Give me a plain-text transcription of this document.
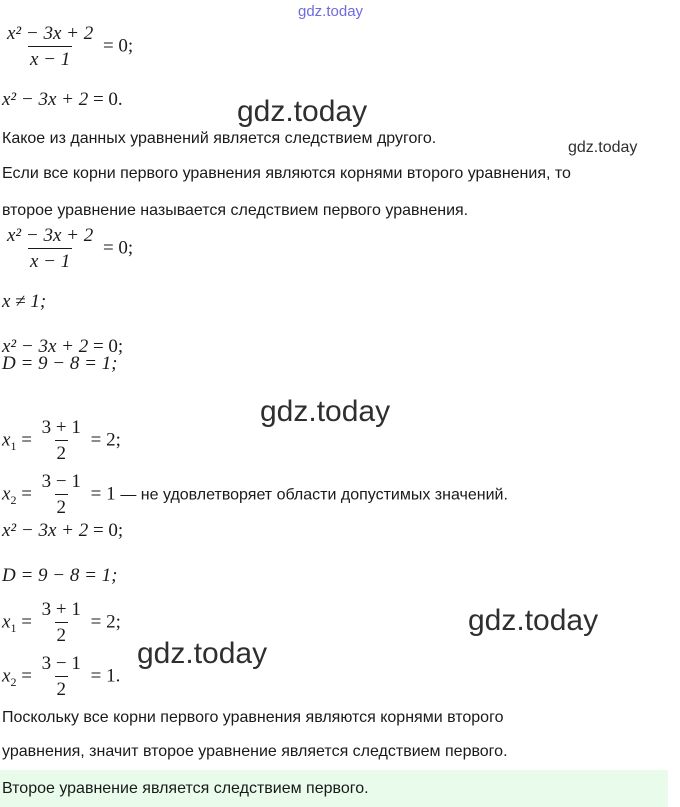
gdz.today
gdz.today
gdz.today
gdz.today
gdz.today
gdz.today
$\frac{\text{x² − 3x + 2}}{x - 1} = 0$;
x² − 3x + 2 = 0.
Какое из данных уравнений является следствием другого.
Если все корни первого уравнения являются корнями второго уравнения, то
второе уравнение называется следствием первого уравнения.
$\frac{\text{x² − 3x + 2}}{x - 1} = 0$;
x ≠ 1;
x² − 3x + 2 = 0;
D = 9 − 8 = 1;
$x_1 = \frac{3 + 1}{2} = 2$;
$x_2 = \frac{3 - 1}{2} = 1$ — не удовлетворяет области допустимых значений.
x² − 3x + 2 = 0;
D = 9 − 8 = 1;
$x_1 = \frac{3 + 1}{2} = 2$;
$x_2 = \frac{3 - 1}{2} = 1$.
Поскольку все корни первого уравнения являются корнями второго
уравнения, значит второе уравнение является следствием первого.
Второе уравнение является следствием первого.
